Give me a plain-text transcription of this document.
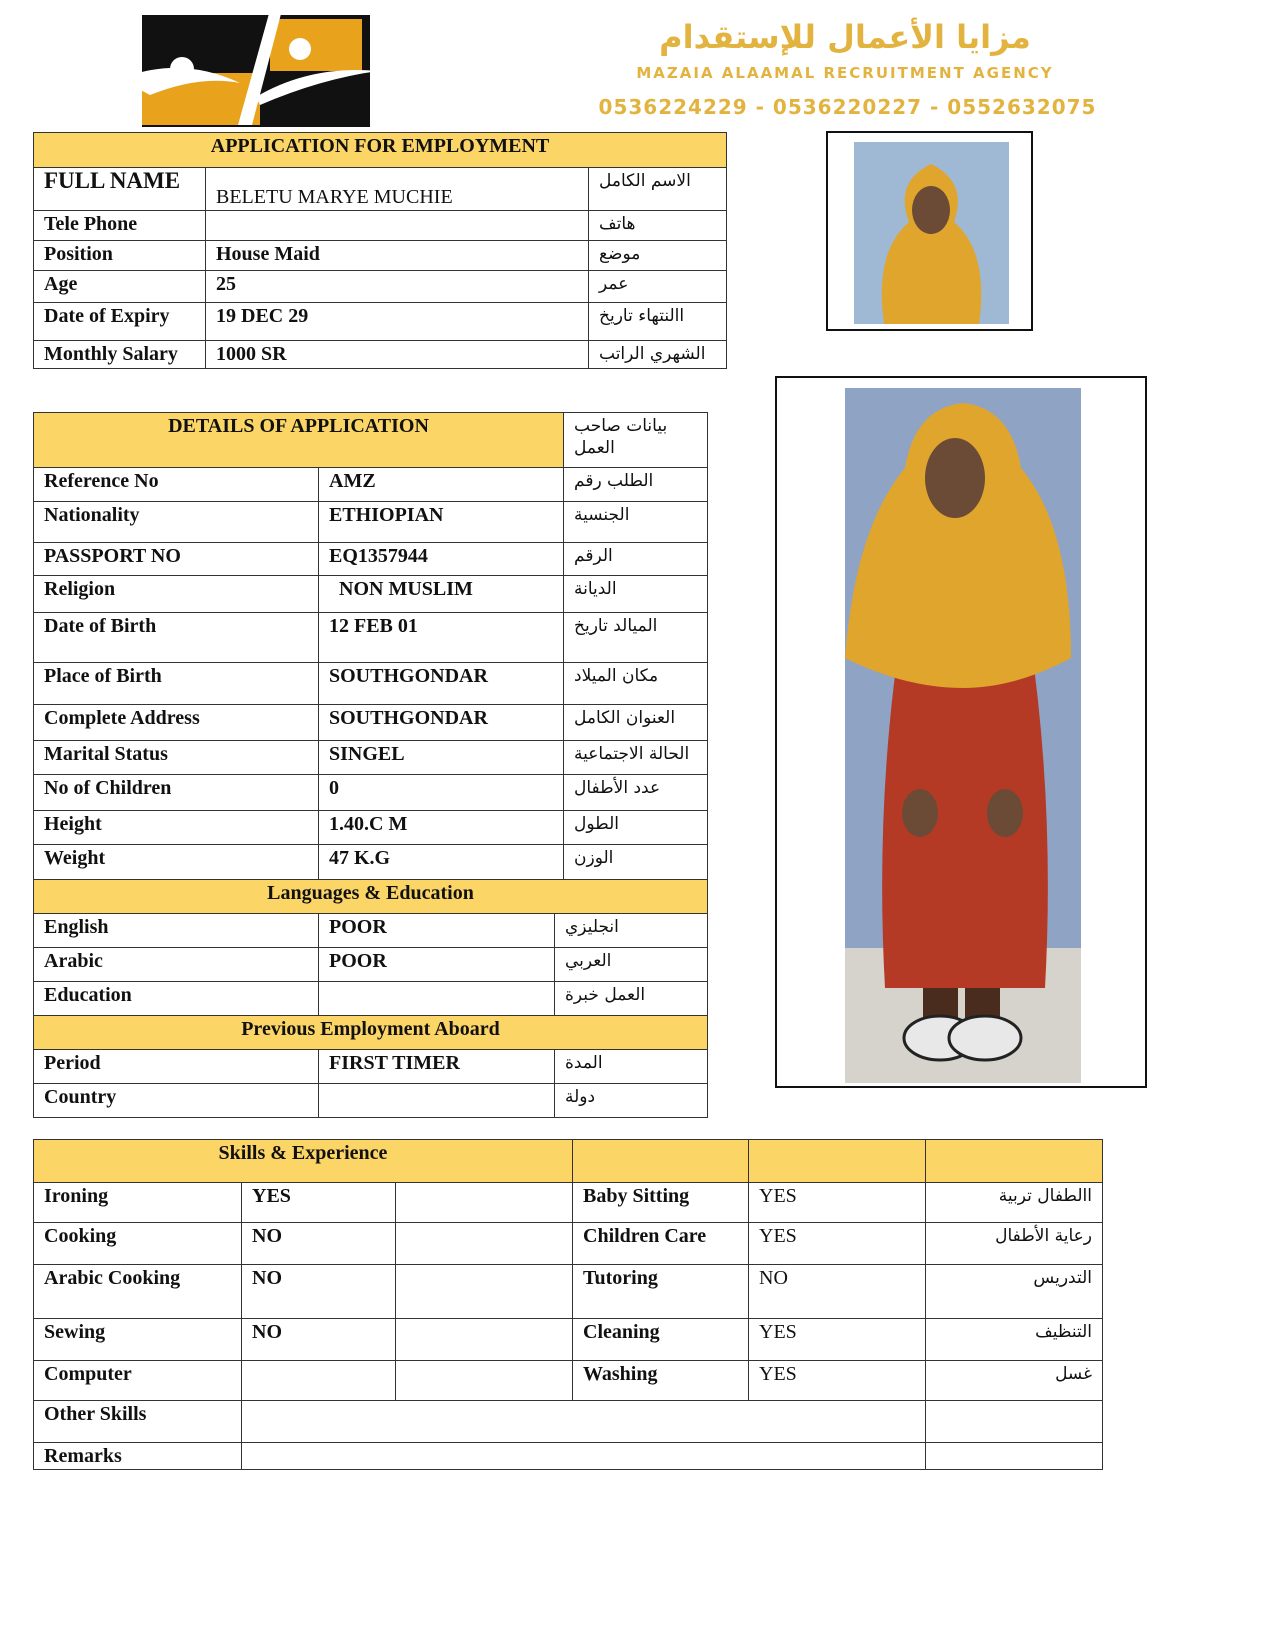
مزايا الأعمال للإستقدام
MAZAIA ALAAMAL RECRUITMENT AGENCY
0536224229 - 0536220227 - 0552632075
APPLICATION FOR EMPLOYMENT		
FULL NAME	BELETU MARYE MUCHIE	الاسم الكامل
Tele Phone		هاتف
Position	House Maid	موضع
Age	25	عمر
Date of Expiry	19 DEC 29	االنتهاء تاريخ
Monthly Salary	1000 SR	الشهري الراتب
DETAILS OF APPLICATION		بيانات صاحب العمل
Reference No	AMZ	الطلب رقم
Nationality	ETHIOPIAN	الجنسية
PASSPORT NO	EQ1357944	الرقم
Religion	NON MUSLIM	الديانة
Date of Birth	12 FEB 01	الميالد تاريخ
Place of Birth	SOUTHGONDAR	مكان الميلاد
Complete Address	SOUTHGONDAR	العنوان الكامل
Marital Status	SINGEL	الحالة الاجتماعية
No of Children	0	عدد الأطفال
Height	1.40.C M	الطول
Weight	47 K.G	الوزن
Languages & Education		
English	POOR	انجليزي
Arabic	POOR	العربي
Education		العمل خبرة
Previous Employment Aboard		
Period	FIRST TIMER	المدة
Country		دولة
Skills & Experience					
Ironing	YES		Baby Sitting	YES	االطفال تربية
Cooking	NO		Children Care	YES	رعاية الأطفال
Arabic Cooking	NO		Tutoring	NO	التدريس
Sewing	NO		Cleaning	YES	التنظيف
Computer			Washing	YES	غسل
Other Skills					
Remarks					
